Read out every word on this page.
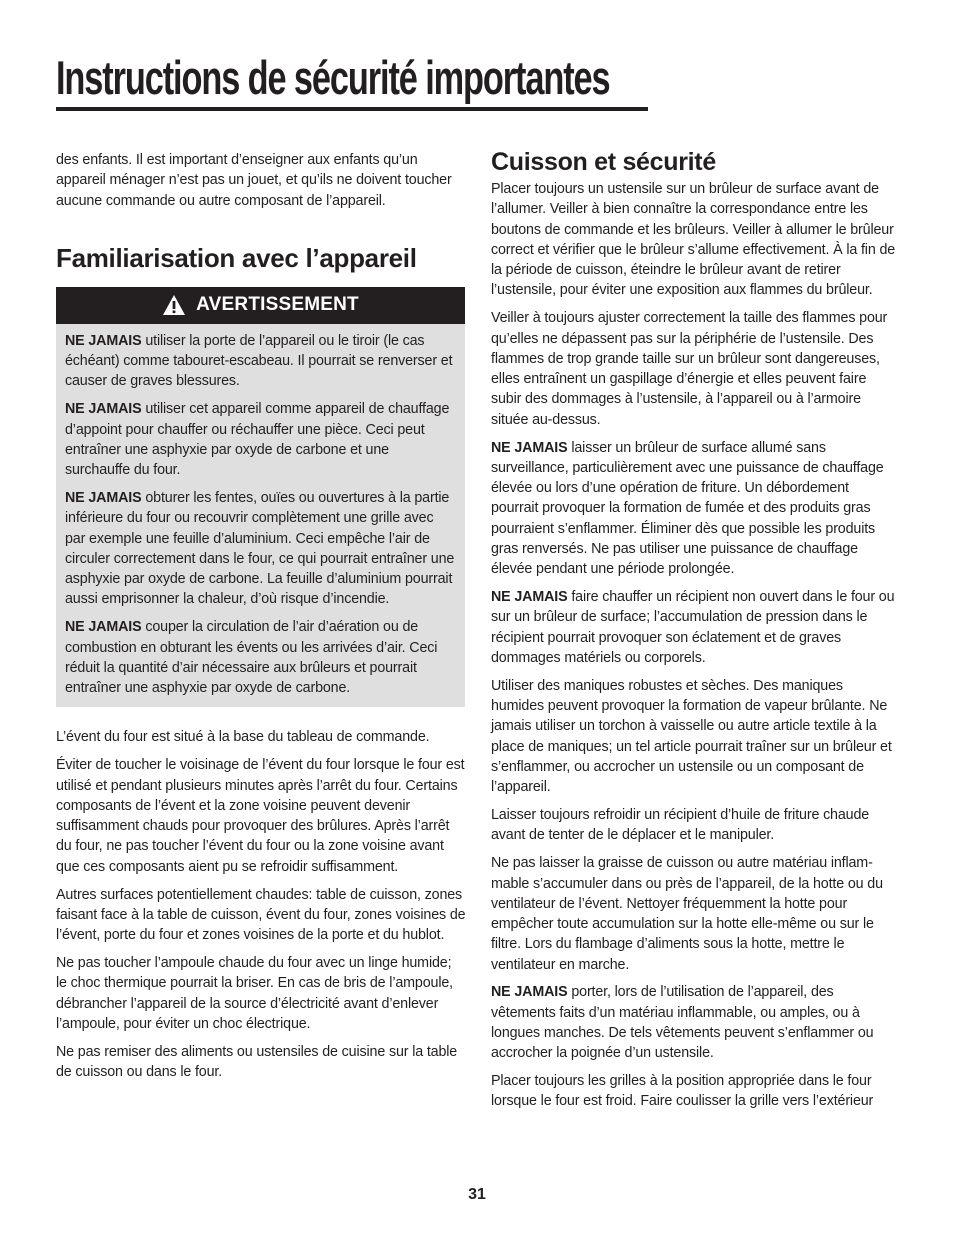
Instructions de sécurité importantes

des enfants. Il est important d’enseigner aux enfants qu’un appareil ménager n’est pas un jouet, et qu’ils ne doivent toucher aucune commande ou autre composant de l’appareil.

Familiarisation avec l’appareil
AVERTISSEMENT

NE JAMAIS utiliser la porte de l’appareil ou le tiroir (le cas échéant) comme tabouret-escabeau. Il pourrait se renverser et causer de graves blessures.

NE JAMAIS utiliser cet appareil comme appareil de chauffage d’appoint pour chauffer ou réchauffer une pièce. Ceci peut entraîner une asphyxie par oxyde de carbone et une surchauffe du four.

NE JAMAIS obturer les fentes, ouïes ou ouvertures à la partie inférieure du four ou recouvrir complètement une grille avec par exemple une feuille d’aluminium. Ceci empêche l’air de circuler correctement dans le four, ce qui pourrait entraîner une asphyxie par oxyde de carbone. La feuille d’aluminium pourrait aussi emprisonner la chaleur, d’où risque d’incendie.

NE JAMAIS couper la circulation de l’air d’aération ou de combustion en obturant les évents ou les arrivées d’air. Ceci réduit la quantité d’air nécessaire aux brûleurs et pourrait entraîner une asphyxie par oxyde de carbone.

L’évent du four est situé à la base du tableau de commande.

Éviter de toucher le voisinage de l’évent du four lorsque le four est utilisé et pendant plusieurs minutes après l’arrêt du four. Certains composants de l’évent et la zone voisine peuvent devenir suffisamment chauds pour provoquer des brûlures. Après l’arrêt du four, ne pas toucher l’évent du four ou la zone voisine avant que ces composants aient pu se refroidir suffisamment.

Autres surfaces potentiellement chaudes: table de cuisson, zones faisant face à la table de cuisson, évent du four, zones voisines de l’évent, porte du four et zones voisines de la porte et du hublot.

Ne pas toucher l’ampoule chaude du four avec un linge humide; le choc thermique pourrait la briser. En cas de bris de l’ampoule, débrancher l’appareil de la source d’électricité avant d’enlever l’ampoule, pour éviter un choc électrique.

Ne pas remiser des aliments ou ustensiles de cuisine sur la table de cuisson ou dans le four.

Cuisson et sécurité

Placer toujours un ustensile sur un brûleur de surface avant de l’allumer. Veiller à bien connaître la correspondance entre les boutons de commande et les brûleurs. Veiller à allumer le brûleur correct et vérifier que le brûleur s’allume effectivement. À la fin de la période de cuisson, éteindre le brûleur avant de retirer l’ustensile, pour éviter une exposition aux flammes du brûleur.

Veiller à toujours ajuster correctement la taille des flammes pour qu’elles ne dépassent pas sur la périphérie de l’ustensile. Des flammes de trop grande taille sur un brûleur sont dangereuses, elles entraînent un gaspillage d’énergie et elles peuvent faire subir des dommages à l’ustensile, à l’appareil ou à l’armoire située au-dessus.

NE JAMAIS laisser un brûleur de surface allumé sans surveillance, particulièrement avec une puissance de chauffage élevée ou lors d’une opération de friture. Un débordement pourrait provoquer la formation de fumée et des produits gras pourraient s’enflammer. Éliminer dès que possible les produits gras renversés. Ne pas utiliser une puissance de chauffage élevée pendant une période prolongée.

NE JAMAIS faire chauffer un récipient non ouvert dans le four ou sur un brûleur de surface; l’accumulation de pression dans le récipient pourrait provoquer son éclatement et de graves dommages matériels ou corporels.

Utiliser des maniques robustes et sèches. Des maniques humides peuvent provoquer la formation de vapeur brûlante. Ne jamais utiliser un torchon à vaisselle ou autre article textile à la place de maniques; un tel article pourrait traîner sur un brûleur et s’enflammer, ou accrocher un ustensile ou un composant de l’appareil.

Laisser toujours refroidir un récipient d’huile de friture chaude avant de tenter de le déplacer et le manipuler.

Ne pas laisser la graisse de cuisson ou autre matériau inflammable s’accumuler dans ou près de l’appareil, de la hotte ou du ventilateur de l’évent. Nettoyer fréquemment la hotte pour empêcher toute accumulation sur la hotte elle-même ou sur le filtre. Lors du flambage d’aliments sous la hotte, mettre le ventilateur en marche.

NE JAMAIS porter, lors de l’utilisation de l’appareil, des vêtements faits d’un matériau inflammable, ou amples, ou à longues manches. De tels vêtements peuvent s’enflammer ou accrocher la poignée d’un ustensile.

Placer toujours les grilles à la position appropriée dans le four lorsque le four est froid. Faire coulisser la grille vers l’extérieur

31
